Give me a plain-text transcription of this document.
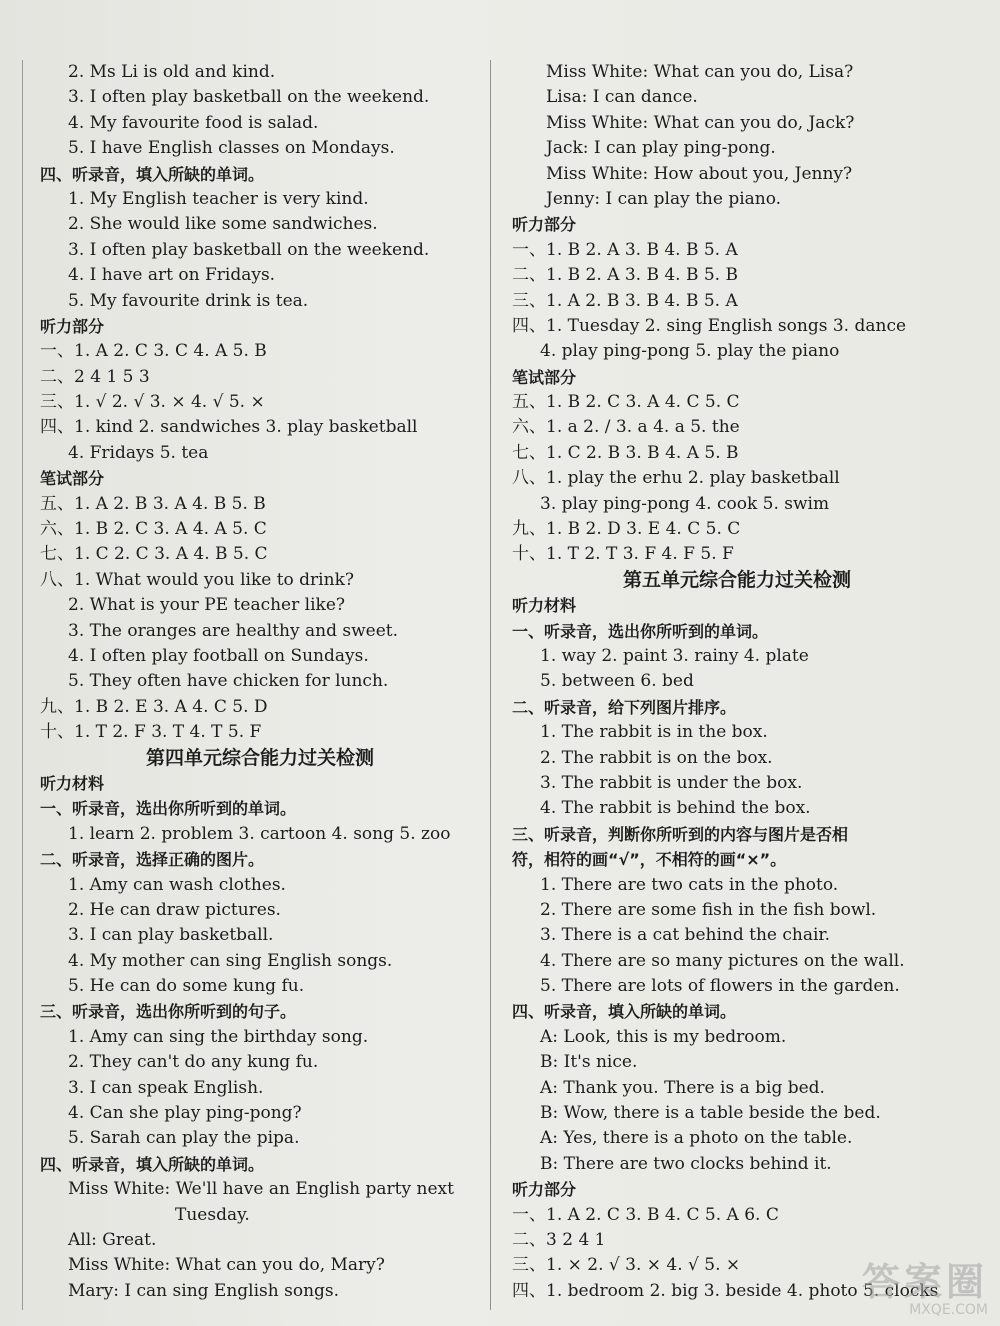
2. Ms Li is old and kind.
3. I often play basketball on the weekend.
4. My favourite food is salad.
5. I have English classes on Mondays.
四、听录音，填入所缺的单词。
1. My English teacher is very kind.
2. She would like some sandwiches.
3. I often play basketball on the weekend.
4. I have art on Fridays.
5. My favourite drink is tea.
听力部分
一、1. A 2. C 3. C 4. A 5. B
二、2 4 1 5 3
三、1. √ 2. √ 3. × 4. √ 5. ×
四、1. kind 2. sandwiches 3. play basketball
4. Fridays 5. tea
笔试部分
五、1. A 2. B 3. A 4. B 5. B
六、1. B 2. C 3. A 4. A 5. C
七、1. C 2. C 3. A 4. B 5. C
八、1. What would you like to drink?
2. What is your PE teacher like?
3. The oranges are healthy and sweet.
4. I often play football on Sundays.
5. They often have chicken for lunch.
九、1. B 2. E 3. A 4. C 5. D
十、1. T 2. F 3. T 4. T 5. F
第四单元综合能力过关检测
听力材料
一、听录音，选出你所听到的单词。
1. learn 2. problem 3. cartoon 4. song 5. zoo
二、听录音，选择正确的图片。
1. Amy can wash clothes.
2. He can draw pictures.
3. I can play basketball.
4. My mother can sing English songs.
5. He can do some kung fu.
三、听录音，选出你所听到的句子。
1. Amy can sing the birthday song.
2. They can't do any kung fu.
3. I can speak English.
4. Can she play ping-pong?
5. Sarah can play the pipa.
四、听录音，填入所缺的单词。
Miss White: We'll have an English party next
Tuesday.
All: Great.
Miss White: What can you do, Mary?
Mary: I can sing English songs.
Miss White: What can you do, Lisa?
Lisa: I can dance.
Miss White: What can you do, Jack?
Jack: I can play ping-pong.
Miss White: How about you, Jenny?
Jenny: I can play the piano.
听力部分
一、1. B 2. A 3. B 4. B 5. A
二、1. B 2. A 3. B 4. B 5. B
三、1. A 2. B 3. B 4. B 5. A
四、1. Tuesday 2. sing English songs 3. dance
4. play ping-pong 5. play the piano
笔试部分
五、1. B 2. C 3. A 4. C 5. C
六、1. a 2. / 3. a 4. a 5. the
七、1. C 2. B 3. B 4. A 5. B
八、1. play the erhu 2. play basketball
3. play ping-pong 4. cook 5. swim
九、1. B 2. D 3. E 4. C 5. C
十、1. T 2. T 3. F 4. F 5. F
第五单元综合能力过关检测
听力材料
一、听录音，选出你所听到的单词。
1. way 2. paint 3. rainy 4. plate
5. between 6. bed
二、听录音，给下列图片排序。
1. The rabbit is in the box.
2. The rabbit is on the box.
3. The rabbit is under the box.
4. The rabbit is behind the box.
三、听录音，判断你所听到的内容与图片是否相
符，相符的画“√”，不相符的画“×”。
1. There are two cats in the photo.
2. There are some fish in the fish bowl.
3. There is a cat behind the chair.
4. There are so many pictures on the wall.
5. There are lots of flowers in the garden.
四、听录音，填入所缺的单词。
A: Look, this is my bedroom.
B: It's nice.
A: Thank you. There is a big bed.
B: Wow, there is a table beside the bed.
A: Yes, there is a photo on the table.
B: There are two clocks behind it.
听力部分
一、1. A 2. C 3. B 4. C 5. A 6. C
二、3 2 4 1
三、1. × 2. √ 3. × 4. √ 5. ×
四、1. bedroom 2. big 3. beside 4. photo 5. clocks
答案圈
MXQE.COM
